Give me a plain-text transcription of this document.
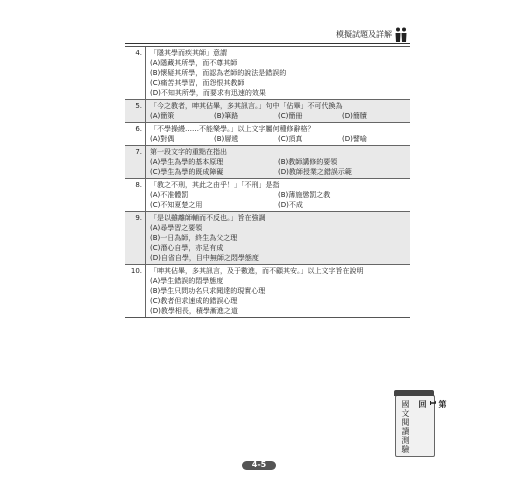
模擬試題及詳解
4.	「隱其學而疾其師」意謂
(A)隱藏其所學，而不尊其師
(B)懷疑其所學，而認為老師的說法是錯誤的
(C)痛苦其學習，而怨恨其教師
(D)不知其所學，而要求有迅速的效果
5.	「今之教者，呻其佔畢，多其訊言。」句中「佔畢」不可代換為
(A)簡策	(B)筆路	(C)簡冊	(D)簡牘
6.	「不學操縵……不能樂學。」以上文字屬何種修辭格？
(A)對偶	(B)層遞	(C)頂真	(D)譬喻
7.	第一段文字的重點在指出
(A)學生為學的基本原理	(B)教師講修的要領
(C)學生為學的既成障礙	(D)教師授業之錯誤示範
8.	「教之不刑，其此之由乎！」「不刑」是指
(A)不准體罰	(B)薄施懲罰之教
(C)不知夏楚之用	(D)不成
9.	「是以雖離師輔而不反也。」旨在強調
(A)尋學習之要領
(B)一日為師，終生為父之理
(C)潛心自學，亦足有成
(D)自省自學，目中無師之悶學態度
10.	「呻其佔畢，多其訊言，及于數進，而不顧其安。」以上文字旨在說明
(A)學生錯誤的悶學態度
(B)學生只問功名只求聞達的現實心理
(C)教者但求速成的錯誤心理
(D)教學相長，積學漸進之道
國文閱讀測驗	第
1
回
4-5
